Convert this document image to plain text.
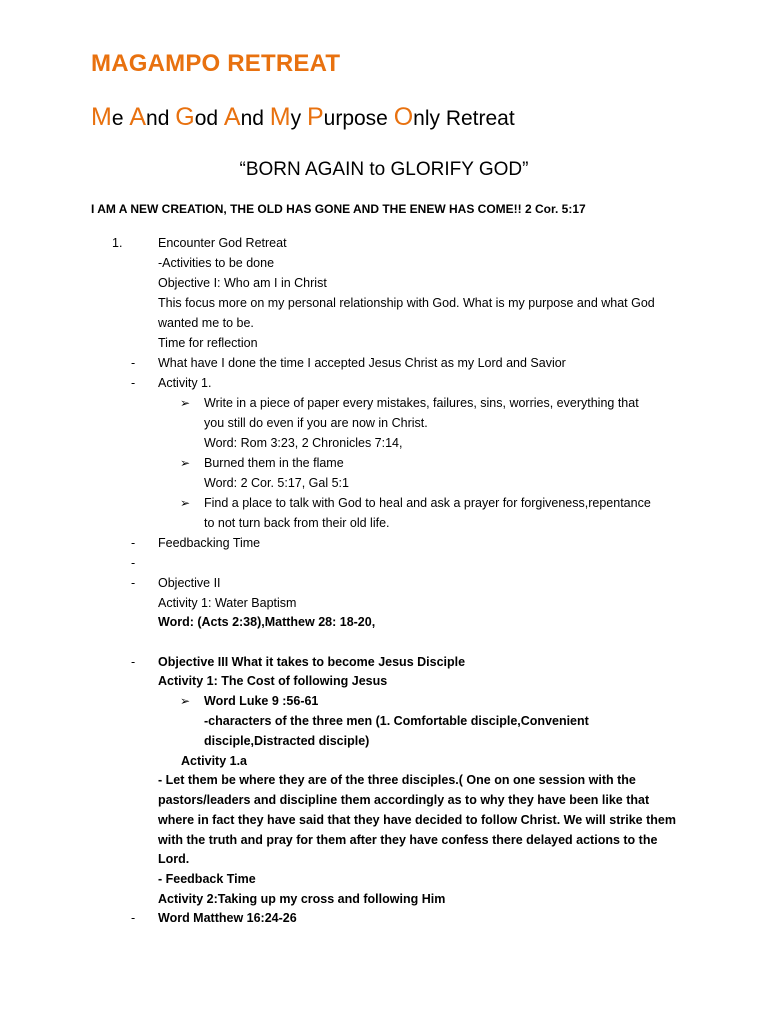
MAGAMPO RETREAT
Me And God And My Purpose Only Retreat
“BORN AGAIN to GLORIFY GOD”
I AM A NEW CREATION, THE OLD HAS GONE AND THE ENEW HAS COME!! 2 Cor. 5:17
1.	Encounter God Retreat
-Activities to be done
Objective I: Who am I in Christ
This focus more on my personal relationship with God. What is my purpose and what God
wanted me to be.
Time for reflection
- What have I done the time I accepted Jesus Christ as my Lord and Savior
- Activity 1.
➢ Write in a piece of paper every mistakes, failures, sins, worries, everything that
you still do even if you are now in Christ.
Word: Rom 3:23, 2 Chronicles 7:14,
➢ Burned them in the flame
Word: 2 Cor. 5:17, Gal 5:1
➢ Find a place to talk with God to heal and ask a prayer for forgiveness,repentance
to not turn back from their old life.
- Feedbacking Time
-
- Objective II
Activity 1: Water Baptism
Word: (Acts 2:38),Matthew 28: 18-20,
- Objective III What it takes to become Jesus Disciple
Activity 1: The Cost of following Jesus
➢ Word Luke 9 :56-61
-characters of the three men (1. Comfortable disciple,Convenient
disciple,Distracted disciple)
Activity 1.a
- Let them be where they are of the three disciples.( One on one session with the
pastors/leaders and discipline them accordingly as to why they have been like that
where in fact they have said that they have decided to follow Christ. We will strike them
with the truth and pray for them after they have confess there delayed actions to the
Lord.
- Feedback Time
Activity 2:Taking up my cross and following Him
- Word Matthew 16:24-26
